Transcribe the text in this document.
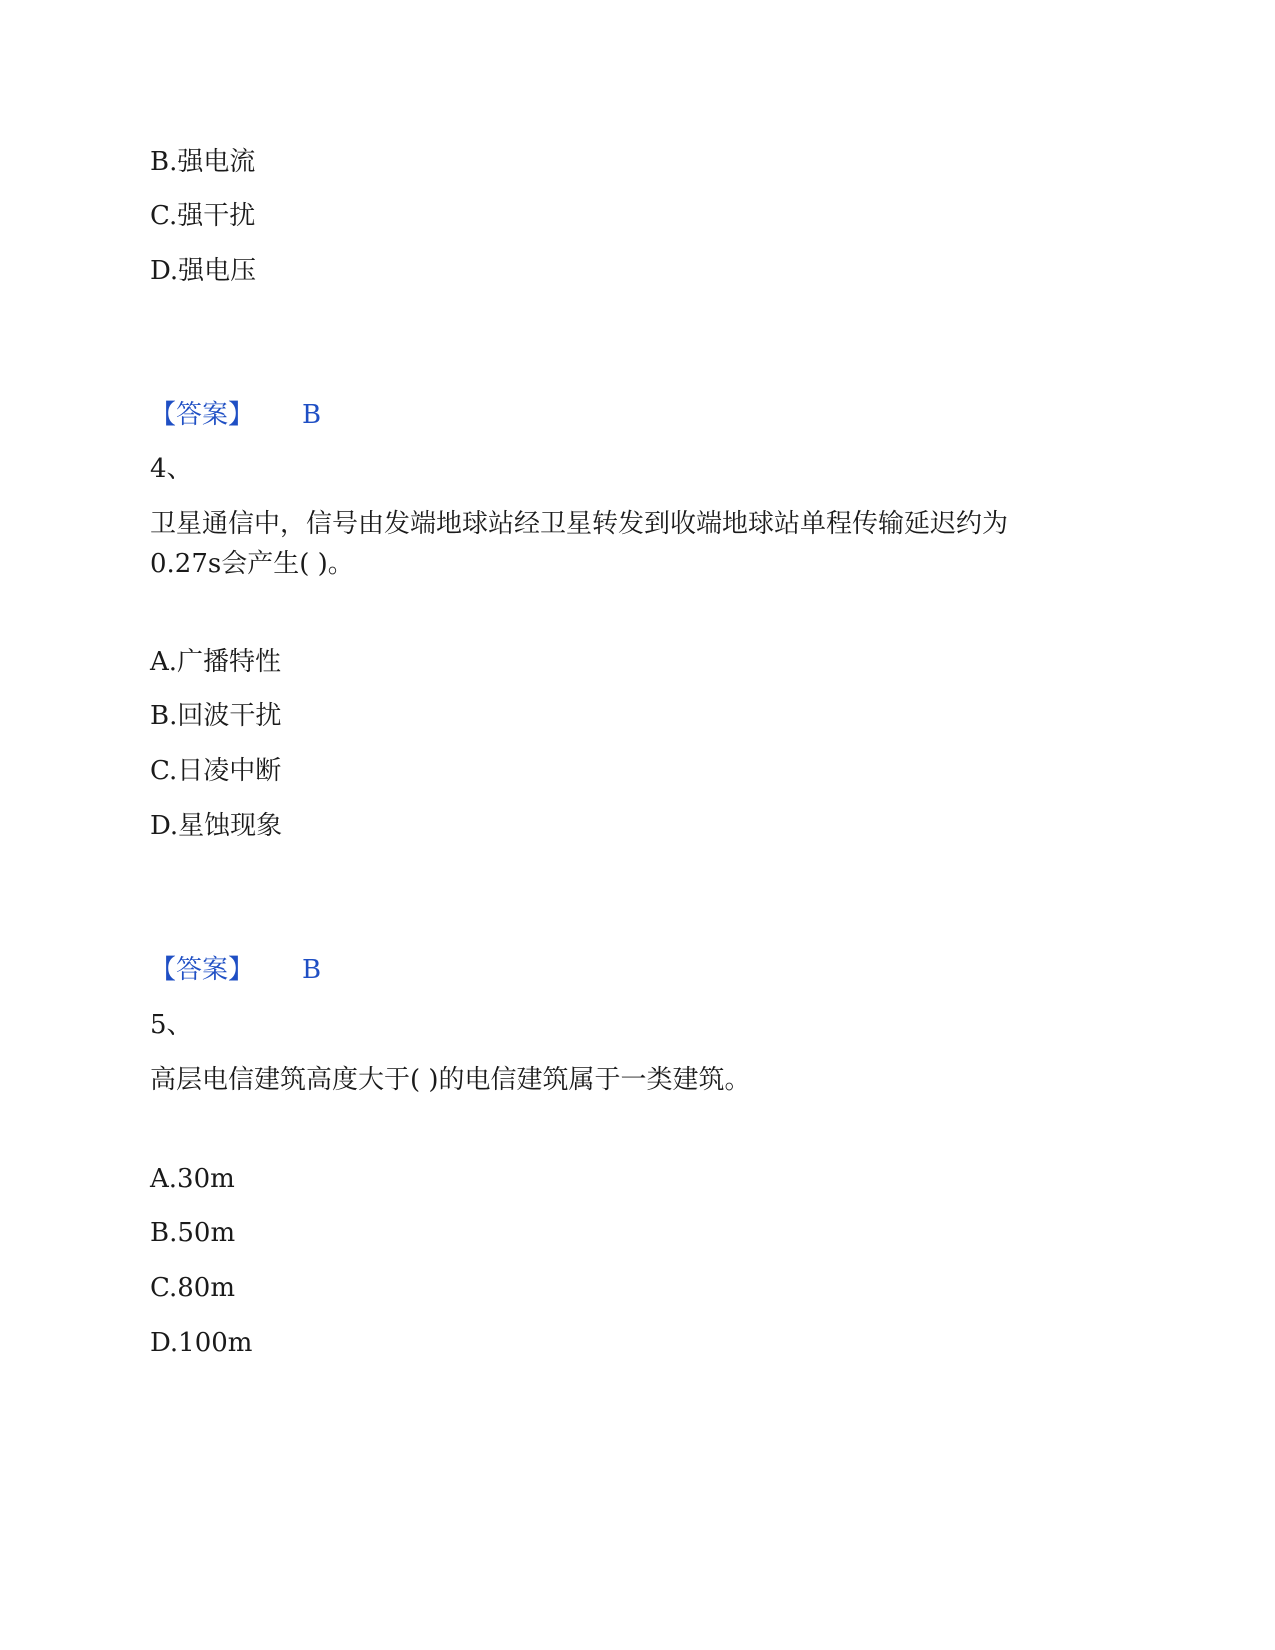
B.强电流
C.强干扰
D.强电压
【答案】 B
4、
卫星通信中，信号由发端地球站经卫星转发到收端地球站单程传输延迟约为
0.27s会产生( )。
A.广播特性
B.回波干扰
C.日凌中断
D.星蚀现象
【答案】 B
5、
高层电信建筑高度大于( )的电信建筑属于一类建筑。
A.30m
B.50m
C.80m
D.100m
